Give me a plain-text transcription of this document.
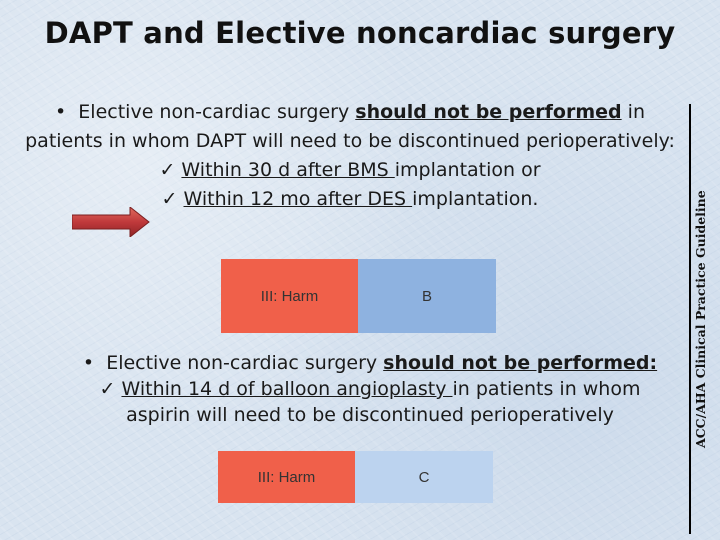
DAPT and Elective noncardiac surgery
ACC/AHA Clinical Practice Guideline
• Elective non-cardiac surgery should not be performed in patients in whom DAPT will need to be discontinued perioperatively:
✓ Within 30 d after BMS implantation or
✓ Within 12 mo after DES implantation.
III: Harm	B
• Elective non-cardiac surgery should not be performed:
✓ Within 14 d of balloon angioplasty in patients in whom aspirin will need to be discontinued perioperatively
III: Harm	C
